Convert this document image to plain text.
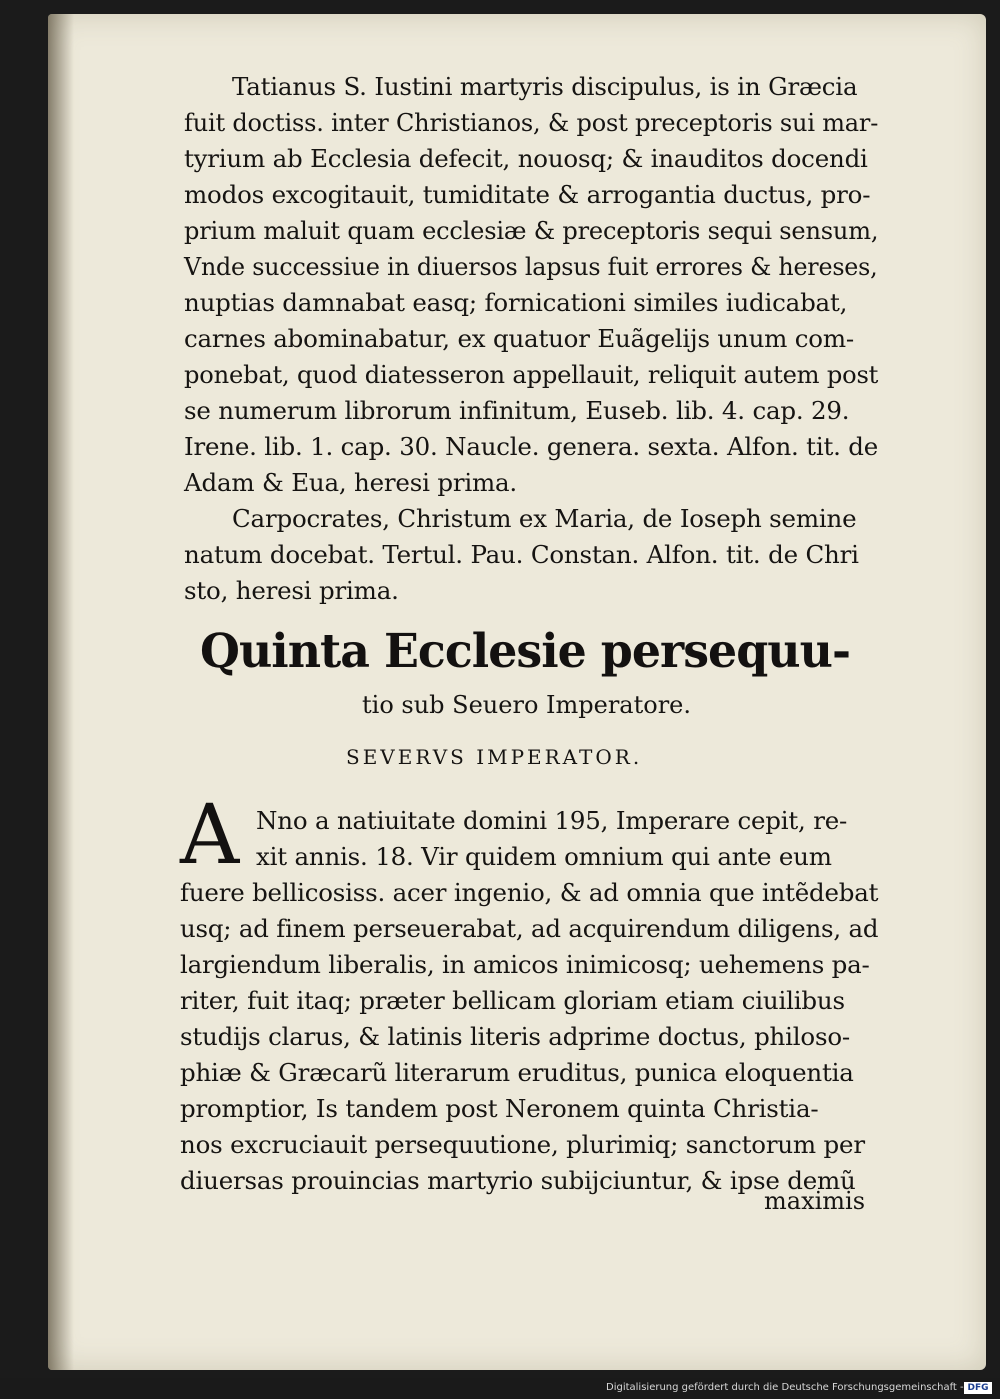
Tatianus S. Iustini martyris discipulus, is in Græcia

fuit doctiss. inter Christianos, & post preceptoris sui mar-

tyrium ab Ecclesia defecit, nouosq; & inauditos docendi

modos excogitauit, tumiditate & arrogantia ductus, pro-

prium maluit quam ecclesiæ & preceptoris sequi sensum,

Vnde successiue in diuersos lapsus fuit errores & hereses,

nuptias damnabat easq; fornicationi similes iudicabat,

carnes abominabatur, ex quatuor Euãgelijs unum com-

ponebat, quod diatesseron appellauit, reliquit autem post

se numerum librorum infinitum, Euseb. lib. 4. cap. 29.

Irene. lib. 1. cap. 30. Naucle. genera. sexta. Alfon. tit. de

Adam & Eua, heresi prima.

Carpocrates, Christum ex Maria, de Ioseph semine

natum docebat. Tertul. Pau. Constan. Alfon. tit. de Chri

sto, heresi prima.

Quinta Ecclesie persequu-

tio sub Seuero Imperatore.

SEVERVS IMPERATOR.

A Nno a natiuitate domini 195, Imperare cepit, re-

xit annis. 18. Vir quidem omnium qui ante eum

fuere bellicosiss. acer ingenio, & ad omnia que intẽdebat

usq; ad finem perseuerabat, ad acquirendum diligens, ad

largiendum liberalis, in amicos inimicosq; uehemens pa-

riter, fuit itaq; præter bellicam gloriam etiam ciuilibus

studijs clarus, & latinis literis adprime doctus, philoso-

phiæ & Græcarũ literarum eruditus, punica eloquentia

promptior, Is tandem post Neronem quinta Christia-

nos excruciauit persequutione, plurimiq; sanctorum per

diuersas prouincias martyrio subijciuntur, & ipse demũ

maximis

Digitalisierung gefördert durch die Deutsche Forschungsgemeinschaft - DFG
